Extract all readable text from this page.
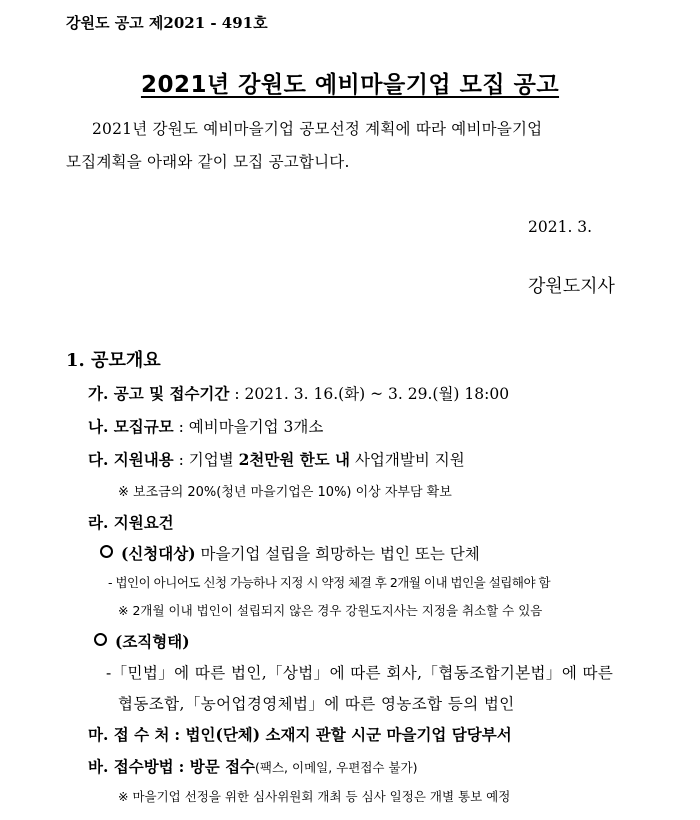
강원도 공고 제2021 - 491호
2021년 강원도 예비마을기업 모집 공고
2021년 강원도 예비마을기업 공모선정 계획에 따라 예비마을기업
모집계획을 아래와 같이 모집 공고합니다.
2021. 3.
강원도지사
1. 공모개요
가. 공고 및 접수기간 : 2021. 3. 16.(화) ~ 3. 29.(월) 18:00
나. 모집규모 : 예비마을기업 3개소
다. 지원내용 : 기업별 2천만원 한도 내 사업개발비 지원
※ 보조금의 20%(청년 마을기업은 10%) 이상 자부담 확보
라. 지원요건
(신청대상) 마을기업 설립을 희망하는 법인 또는 단체
- 법인이 아니어도 신청 가능하나 지정 시 약정 체결 후 2개월 이내 법인을 설립해야 함
※ 2개월 이내 법인이 설립되지 않은 경우 강원도지사는 지정을 취소할 수 있음
(조직형태)
-「민법」에 따른 법인,「상법」에 따른 회사,「협동조합기본법」에 따른
협동조합,「농어업경영체법」에 따른 영농조합 등의 법인
마. 접 수 처 : 법인(단체) 소재지 관할 시군 마을기업 담당부서
바. 접수방법 : 방문 접수(팩스, 이메일, 우편접수 불가)
※ 마을기업 선정을 위한 심사위원회 개최 등 심사 일정은 개별 통보 예정
